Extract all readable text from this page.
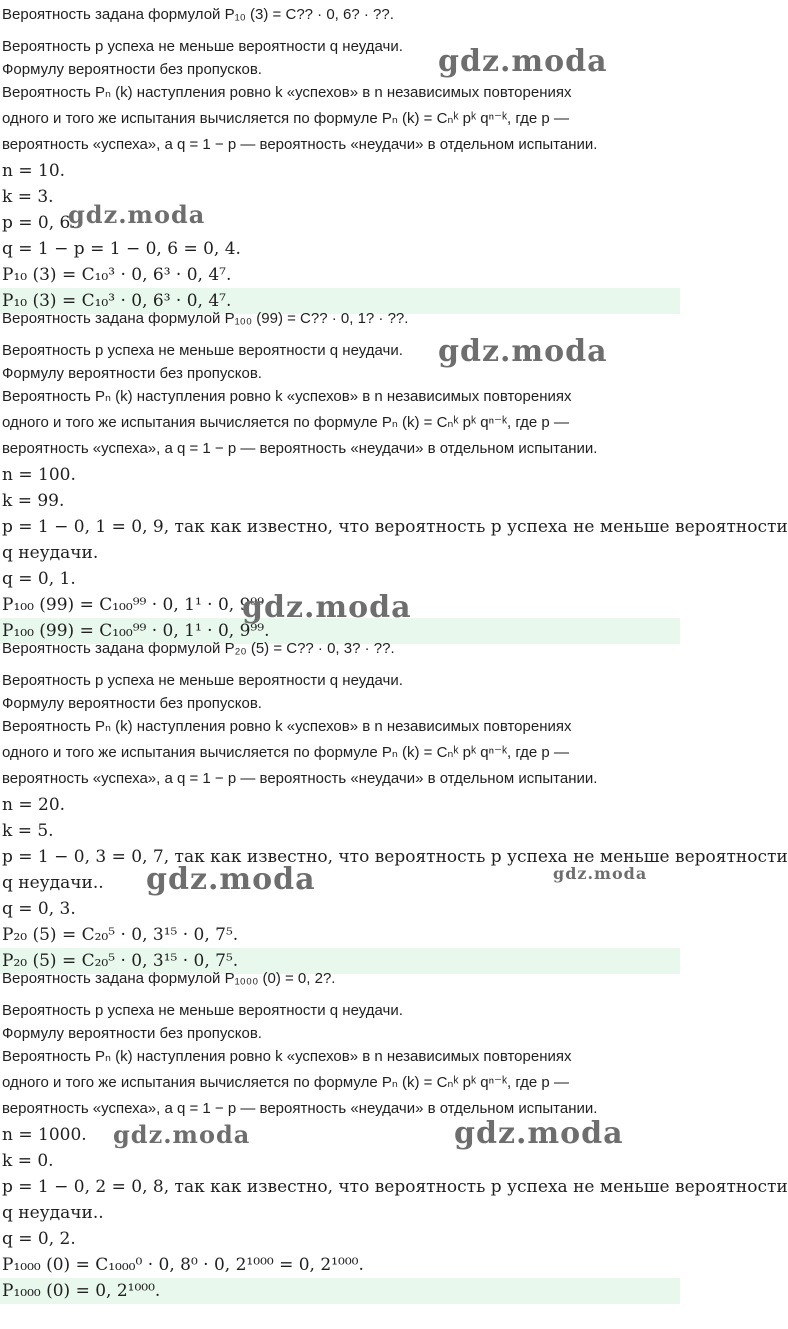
Вероятность задана формулой P₁₀ (3) = C?? · 0, 6? · ??.
Вероятность p успеха не меньше вероятности q неудачи.
Формулу вероятности без пропусков.
Вероятность Pₙ (k) наступления ровно k «успехов» в n независимых повторениях
одного и того же испытания вычисляется по формуле Pₙ (k) = Cₙᵏ pᵏ qⁿ⁻ᵏ, где p —
вероятность «успеха», а q = 1 − p — вероятность «неудачи» в отдельном испытании.
n = 10.
k = 3.
p = 0, 6.
q = 1 − p = 1 − 0, 6 = 0, 4.
P₁₀ (3) = C₁₀³ · 0, 6³ · 0, 4⁷.
P₁₀ (3) = C₁₀³ · 0, 6³ · 0, 4⁷.
Вероятность задана формулой P₁₀₀ (99) = C?? · 0, 1? · ??.
Вероятность p успеха не меньше вероятности q неудачи.
Формулу вероятности без пропусков.
Вероятность Pₙ (k) наступления ровно k «успехов» в n независимых повторениях
одного и того же испытания вычисляется по формуле Pₙ (k) = Cₙᵏ pᵏ qⁿ⁻ᵏ, где p —
вероятность «успеха», а q = 1 − p — вероятность «неудачи» в отдельном испытании.
n = 100.
k = 99.
p = 1 − 0, 1 = 0, 9, так как известно, что вероятность p успеха не меньше вероятности
q неудачи.
q = 0, 1.
P₁₀₀ (99) = C₁₀₀⁹⁹ · 0, 1¹ · 0, 9⁹⁹.
P₁₀₀ (99) = C₁₀₀⁹⁹ · 0, 1¹ · 0, 9⁹⁹.
Вероятность задана формулой P₂₀ (5) = C?? · 0, 3? · ??.
Вероятность p успеха не меньше вероятности q неудачи.
Формулу вероятности без пропусков.
Вероятность Pₙ (k) наступления ровно k «успехов» в n независимых повторениях
одного и того же испытания вычисляется по формуле Pₙ (k) = Cₙᵏ pᵏ qⁿ⁻ᵏ, где p —
вероятность «успеха», а q = 1 − p — вероятность «неудачи» в отдельном испытании.
n = 20.
k = 5.
p = 1 − 0, 3 = 0, 7, так как известно, что вероятность p успеха не меньше вероятности
q неудачи..
q = 0, 3.
P₂₀ (5) = C₂₀⁵ · 0, 3¹⁵ · 0, 7⁵.
P₂₀ (5) = C₂₀⁵ · 0, 3¹⁵ · 0, 7⁵.
Вероятность задана формулой P₁₀₀₀ (0) = 0, 2?.
Вероятность p успеха не меньше вероятности q неудачи.
Формулу вероятности без пропусков.
Вероятность Pₙ (k) наступления ровно k «успехов» в n независимых повторениях
одного и того же испытания вычисляется по формуле Pₙ (k) = Cₙᵏ pᵏ qⁿ⁻ᵏ, где p —
вероятность «успеха», а q = 1 − p — вероятность «неудачи» в отдельном испытании.
n = 1000.
k = 0.
p = 1 − 0, 2 = 0, 8, так как известно, что вероятность p успеха не меньше вероятности
q неудачи..
q = 0, 2.
P₁₀₀₀ (0) = C₁₀₀₀⁰ · 0, 8⁰ · 0, 2¹⁰⁰⁰ = 0, 2¹⁰⁰⁰.
P₁₀₀₀ (0) = 0, 2¹⁰⁰⁰.
gdz.moda
gdz.moda
gdz.moda
gdz.moda
gdz.moda	gdz.moda
gdz.moda	gdz.moda
